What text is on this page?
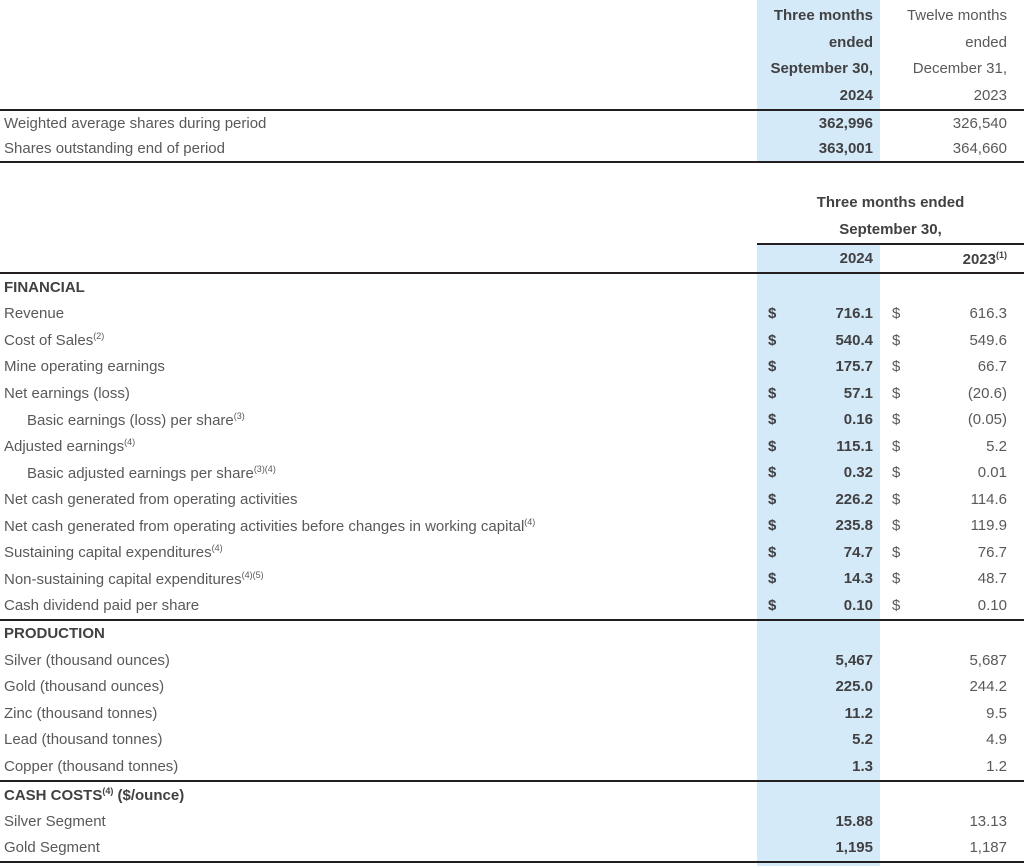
Three months
ended
September 30,
2024
Twelve months
ended
December 31,
2023
Weighted average shares during period	362,996	326,540
Shares outstanding end of period	363,001	364,660
Three months ended
September 30,
2024	2023$^{(1)}$
FINANCIAL
Revenue	$	716.1 $	616.3
Cost of Sales$^{(2)}$	$	540.4 $	549.6
Mine operating earnings	$	175.7 $	66.7
Net earnings (loss)	$	57.1 $	(20.6)
Basic earnings (loss) per share$^{(3)}$	$	0.16 $	(0.05)
Adjusted earnings$^{(4)}$	$	115.1 $	5.2
Basic adjusted earnings per share$^{(3)(4)}$	$	0.32 $	0.01
Net cash generated from operating activities	$	226.2 $	114.6
Net cash generated from operating activities before changes in working capital$^{(4)}$	$	235.8 $	119.9
Sustaining capital expenditures$^{(4)}$	$	74.7 $	76.7
Non-sustaining capital expenditures$^{(4)(5)}$	$	14.3 $	48.7
Cash dividend paid per share	$	0.10 $	0.10
PRODUCTION
Silver (thousand ounces)	5,467	5,687
Gold (thousand ounces)	225.0	244.2
Zinc (thousand tonnes)	11.2	9.5
Lead (thousand tonnes)	5.2	4.9
Copper (thousand tonnes)	1.3	1.2
CASH COSTS$^{(4)}$ ($/ounce)
Silver Segment	15.88	13.13
Gold Segment	1,195	1,187
